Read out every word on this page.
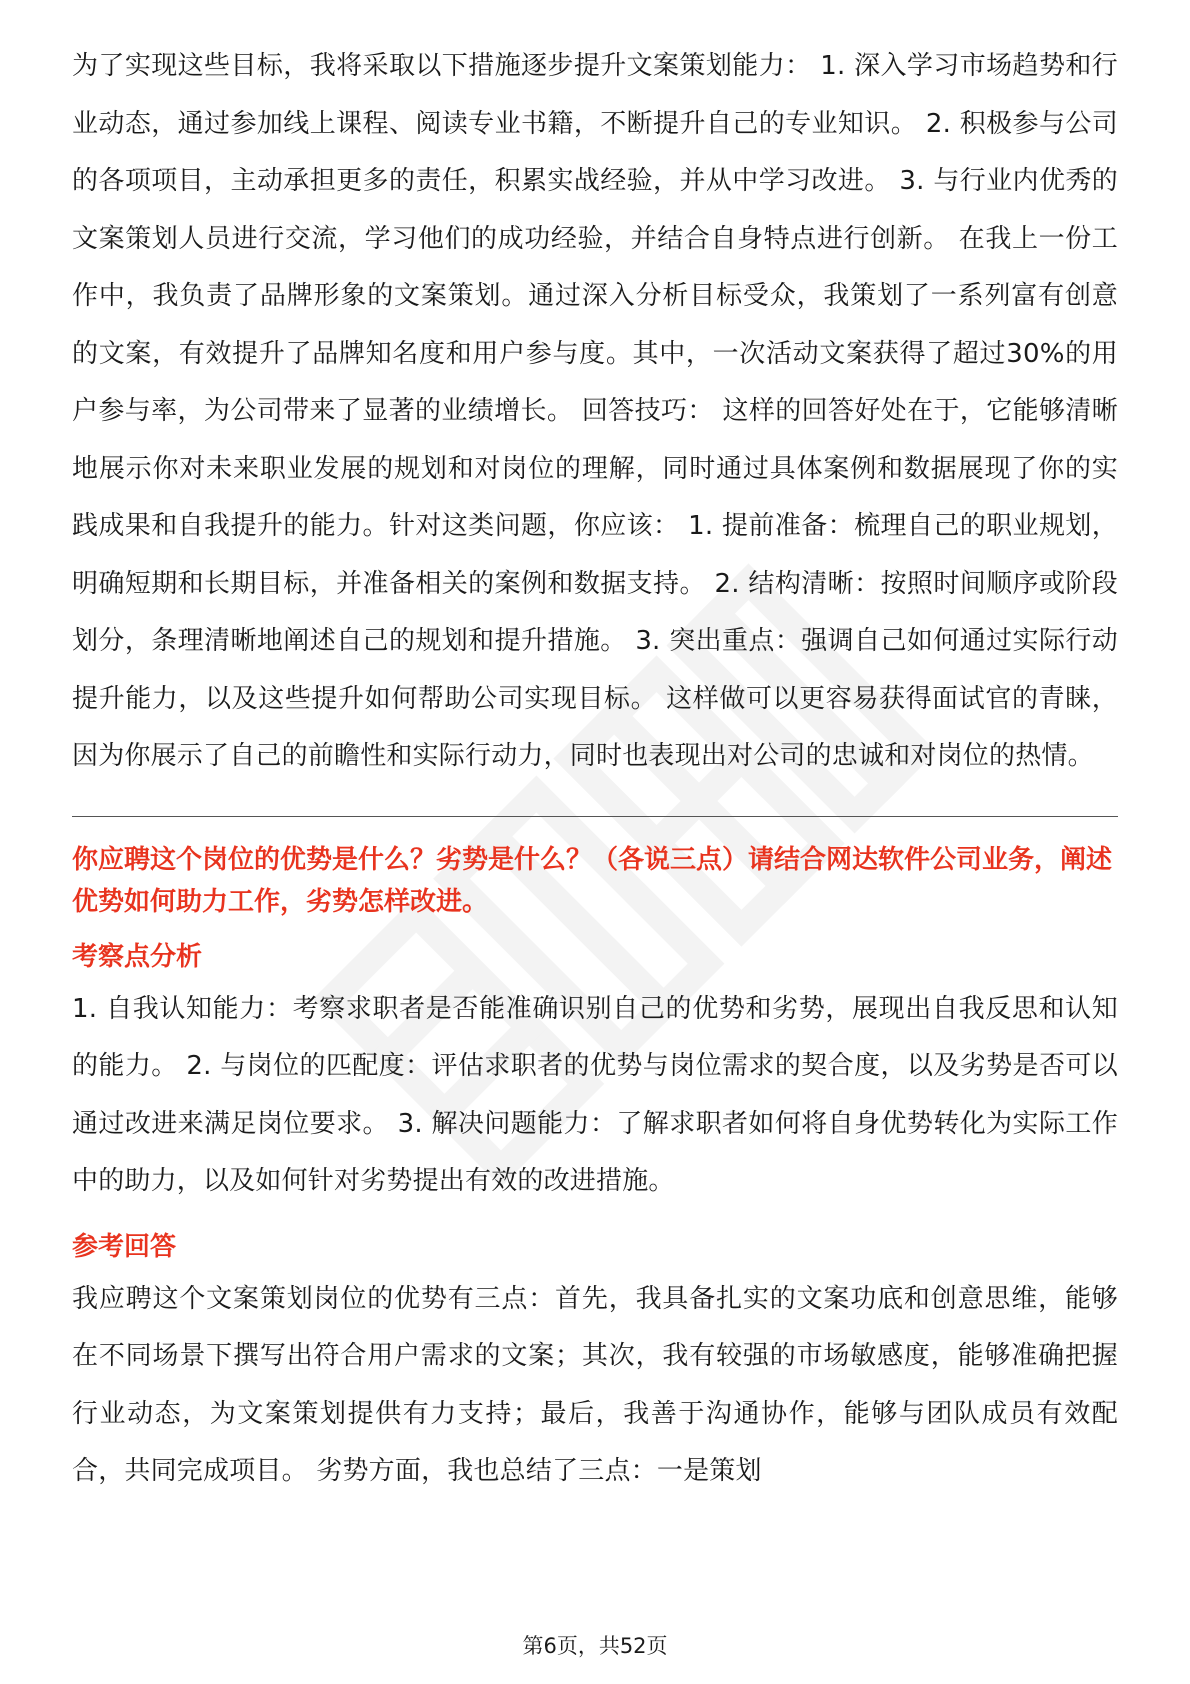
为了实现这些目标，我将采取以下措施逐步提升文案策划能力： 1. 深入学习市场趋势和行业动态，通过参加线上课程、阅读专业书籍，不断提升自己的专业知识。 2. 积极参与公司的各项项目，主动承担更多的责任，积累实战经验，并从中学习改进。 3. 与行业内优秀的文案策划人员进行交流，学习他们的成功经验，并结合自身特点进行创新。 在我上一份工作中，我负责了品牌形象的文案策划。通过深入分析目标受众，我策划了一系列富有创意的文案，有效提升了品牌知名度和用户参与度。其中，一次活动文案获得了超过30%的用户参与率，为公司带来了显著的业绩增长。 回答技巧： 这样的回答好处在于，它能够清晰地展示你对未来职业发展的规划和对岗位的理解，同时通过具体案例和数据展现了你的实践成果和自我提升的能力。针对这类问题，你应该： 1. 提前准备：梳理自己的职业规划，明确短期和长期目标，并准备相关的案例和数据支持。 2. 结构清晰：按照时间顺序或阶段划分，条理清晰地阐述自己的规划和提升措施。 3. 突出重点：强调自己如何通过实际行动提升能力，以及这些提升如何帮助公司实现目标。 这样做可以更容易获得面试官的青睐，因为你展示了自己的前瞻性和实际行动力，同时也表现出对公司的忠诚和对岗位的热情。

你应聘这个岗位的优势是什么？劣势是什么？（各说三点）请结合网达软件公司业务，阐述优势如何助力工作，劣势怎样改进。

考察点分析

1. 自我认知能力：考察求职者是否能准确识别自己的优势和劣势，展现出自我反思和认知的能力。 2. 与岗位的匹配度：评估求职者的优势与岗位需求的契合度，以及劣势是否可以通过改进来满足岗位要求。 3. 解决问题能力：了解求职者如何将自身优势转化为实际工作中的助力，以及如何针对劣势提出有效的改进措施。

参考回答

我应聘这个文案策划岗位的优势有三点：首先，我具备扎实的文案功底和创意思维，能够在不同场景下撰写出符合用户需求的文案；其次，我有较强的市场敏感度，能够准确把握行业动态，为文案策划提供有力支持；最后，我善于沟通协作，能够与团队成员有效配合，共同完成项目。 劣势方面，我也总结了三点：一是策划

第6页，共52页
